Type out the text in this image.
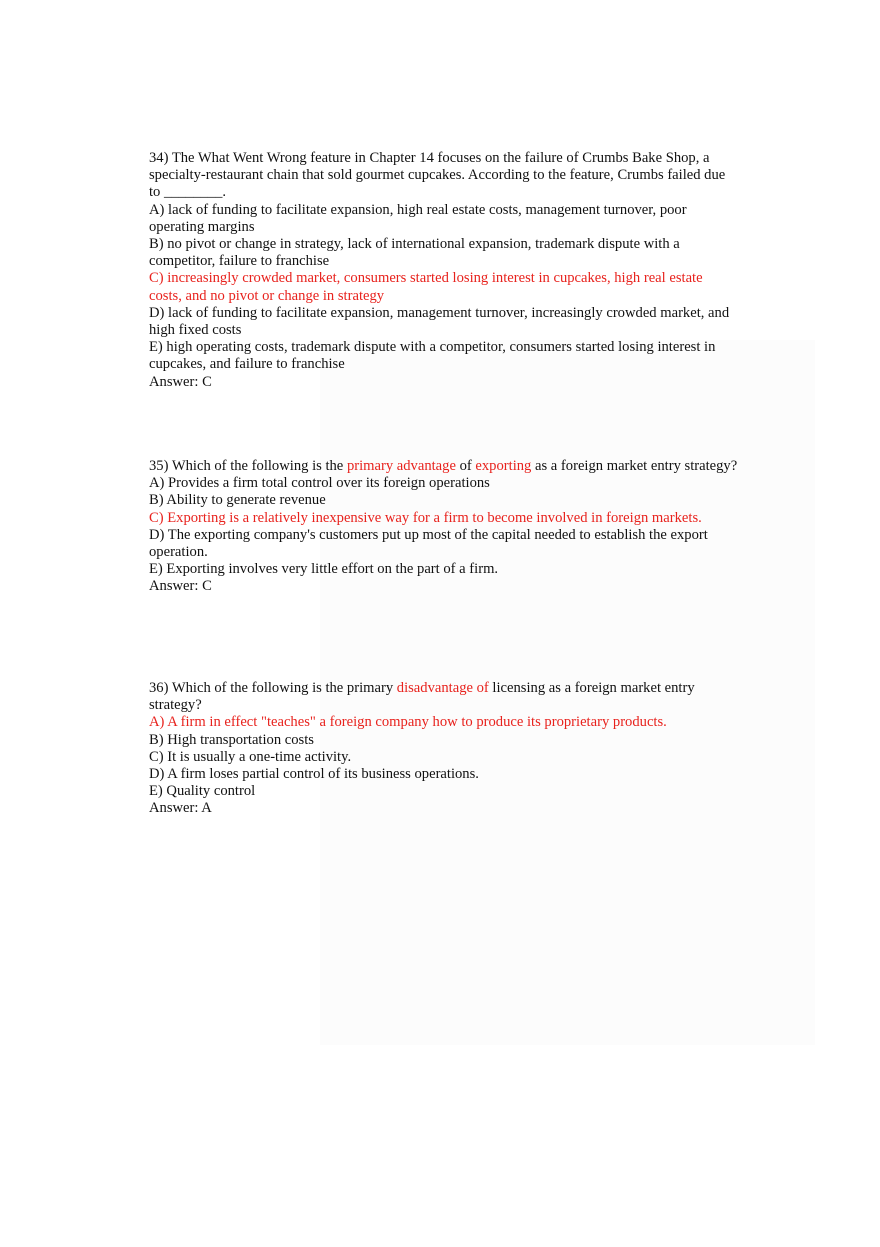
34) The What Went Wrong feature in Chapter 14 focuses on the failure of Crumbs Bake Shop, a specialty-restaurant chain that sold gourmet cupcakes. According to the feature, Crumbs failed due to ________.
A) lack of funding to facilitate expansion, high real estate costs, management turnover, poor operating margins
B) no pivot or change in strategy, lack of international expansion, trademark dispute with a competitor, failure to franchise
C) increasingly crowded market, consumers started losing interest in cupcakes, high real estate costs, and no pivot or change in strategy
D) lack of funding to facilitate expansion, management turnover, increasingly crowded market, and high fixed costs
E) high operating costs, trademark dispute with a competitor, consumers started losing interest in cupcakes, and failure to franchise
Answer: C
35) Which of the following is the primary advantage of exporting as a foreign market entry strategy?
A) Provides a firm total control over its foreign operations
B) Ability to generate revenue
C) Exporting is a relatively inexpensive way for a firm to become involved in foreign markets.
D) The exporting company's customers put up most of the capital needed to establish the export operation.
E) Exporting involves very little effort on the part of a firm.
Answer: C
36) Which of the following is the primary disadvantage of licensing as a foreign market entry strategy?
A) A firm in effect "teaches" a foreign company how to produce its proprietary products.
B) High transportation costs
C) It is usually a one-time activity.
D) A firm loses partial control of its business operations.
E) Quality control
Answer: A
